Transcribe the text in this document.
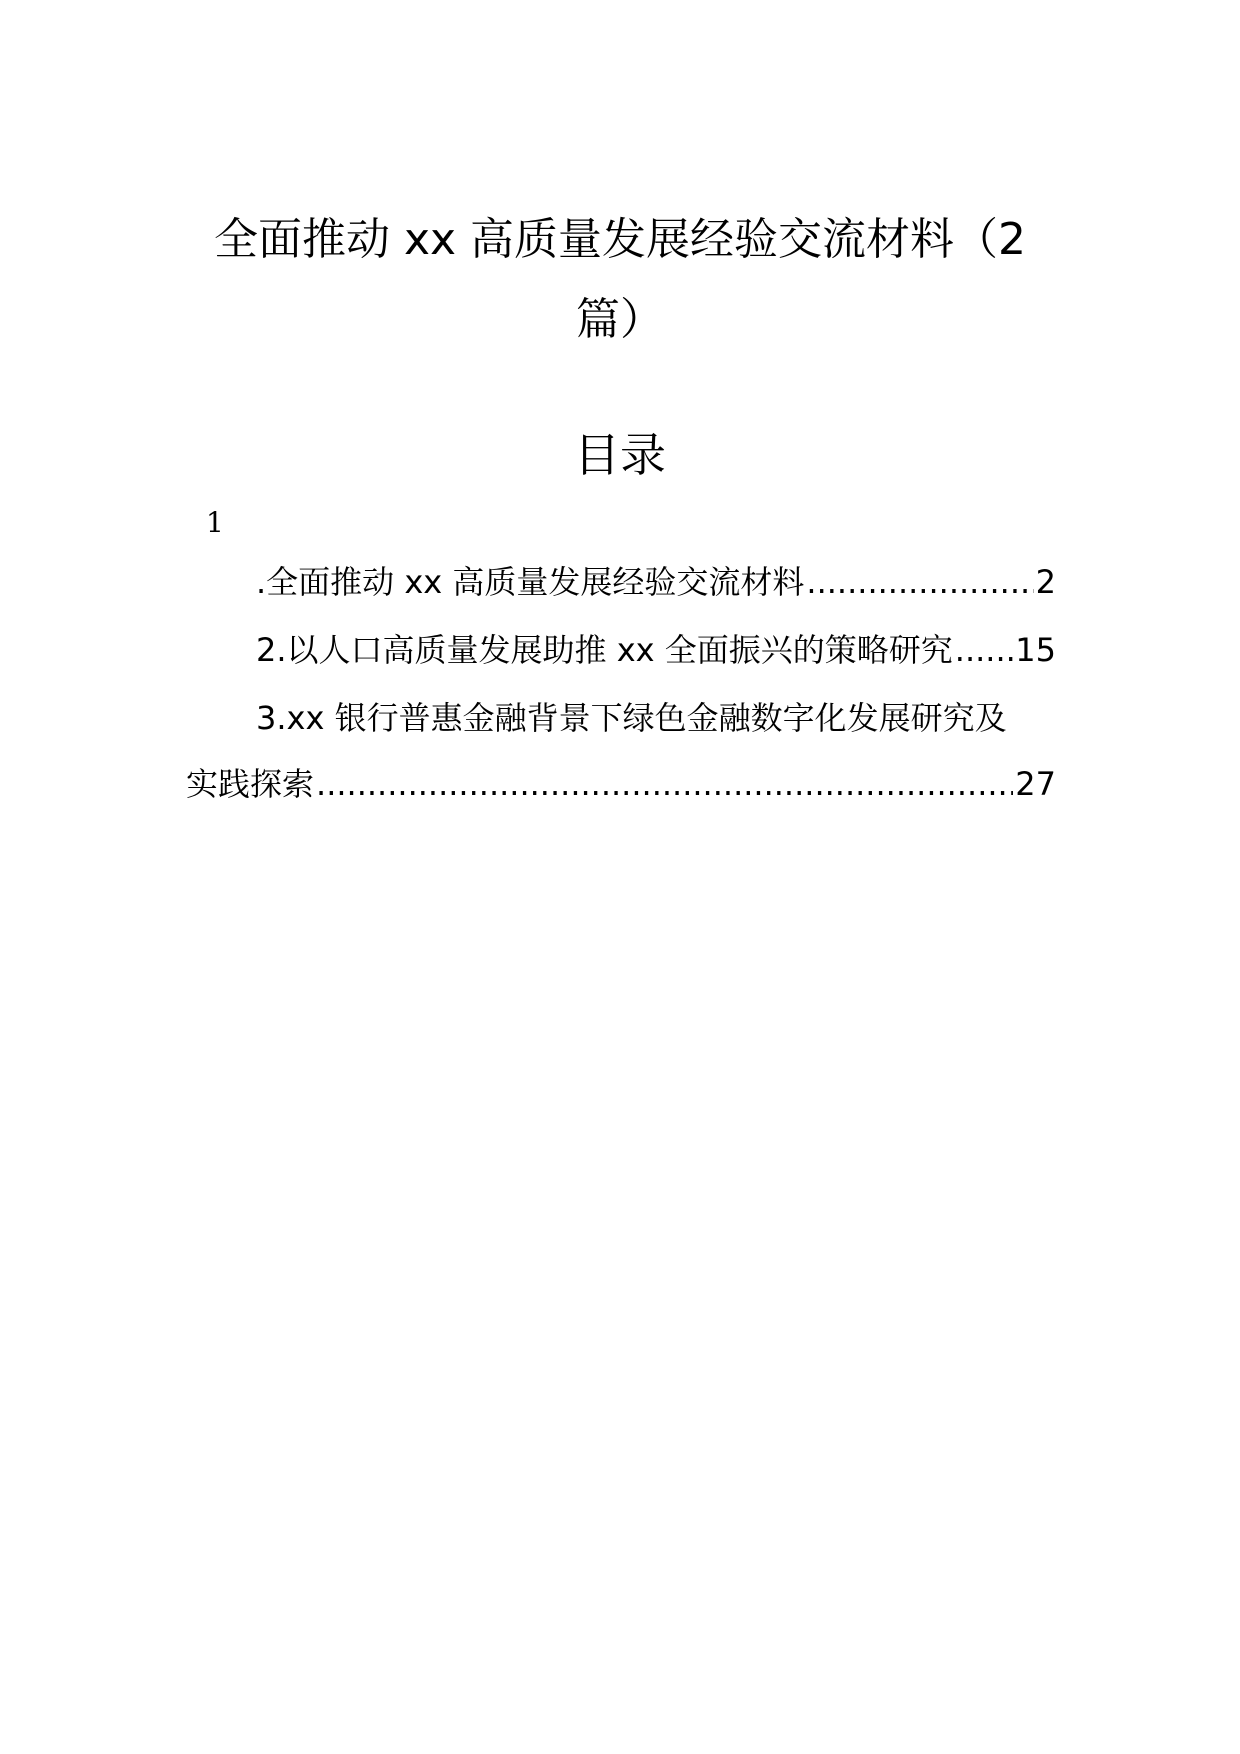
全面推动 xx 高质量发展经验交流材料（2
篇）
目录
1
.全面推动 xx 高质量发展经验交流材料 .....	2
2.以人口高质量发展助推 xx 全面振兴的策略研究 ..... 15
3.xx 银行普惠金融背景下绿色金融数字化发展研究及
实践探索 .....	27
